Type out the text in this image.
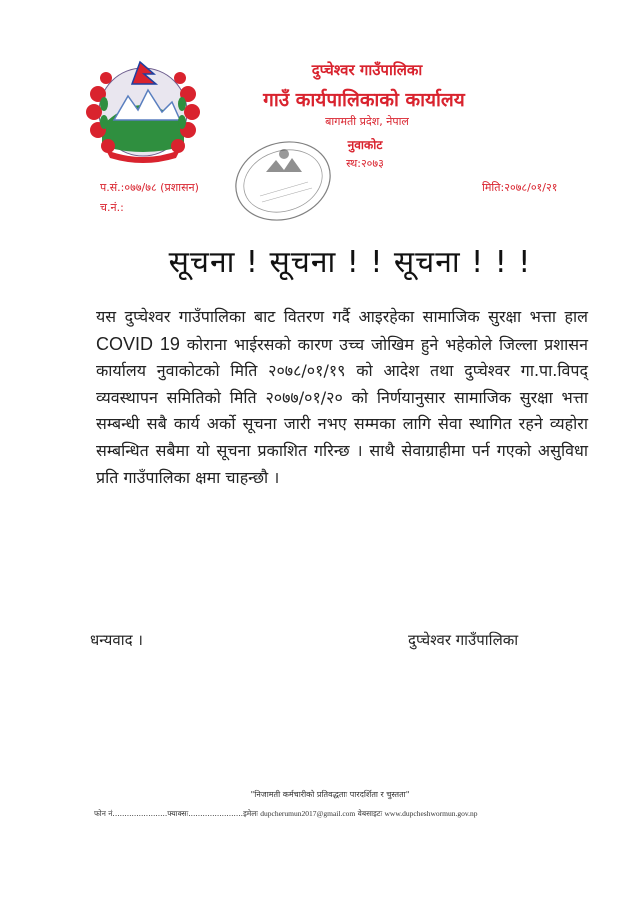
दुप्चेश्वर गाउँपालिका
गाउँ कार्यपालिकाको कार्यालय
बागमती प्रदेश, नेपाल
नुवाकोट
स्थ:२०७३
प.सं.:०७७/७८ (प्रशासन)
च.नं.:
मिति:२०७८/०१/२१
सूचना ! सूचना ! ! सूचना ! ! !
यस दुप्चेश्वर गाउँपालिका बाट वितरण गर्दै आइरहेका सामाजिक सुरक्षा भत्ता हाल COVID 19 कोराना भाईरसको कारण उच्च जोखिम हुने भहेकोले जिल्ला प्रशासन कार्यालय नुवाकोटको मिति २०७८/०१/१९ को आदेश तथा दुप्चेश्वर गा.पा.विपद् व्यवस्थापन समितिको मिति २०७७/०१/२० को निर्णयानुसार सामाजिक सुरक्षा भत्ता सम्बन्धी सबै कार्य अर्को सूचना जारी नभए सम्मका लागि सेवा स्थागित रहने व्यहोरा सम्बन्धित सबैमा यो सूचना प्रकाशित गरिन्छ । साथै सेवाग्राहीमा पर्न गएको असुविधा प्रति गाउँपालिका क्षमा चाहन्छौ ।
धन्यवाद ।	दुप्चेश्वर गाउँपालिका
"निजामती कर्मचारीको प्रतिवद्धताः पारदर्शिता र चुस्तता"
फोन नं.......................फ्याक्सः.......................इमेलः dupcherumun2017@gmail.com वेबसाइटः www.dupcheshwormun.gov.np
